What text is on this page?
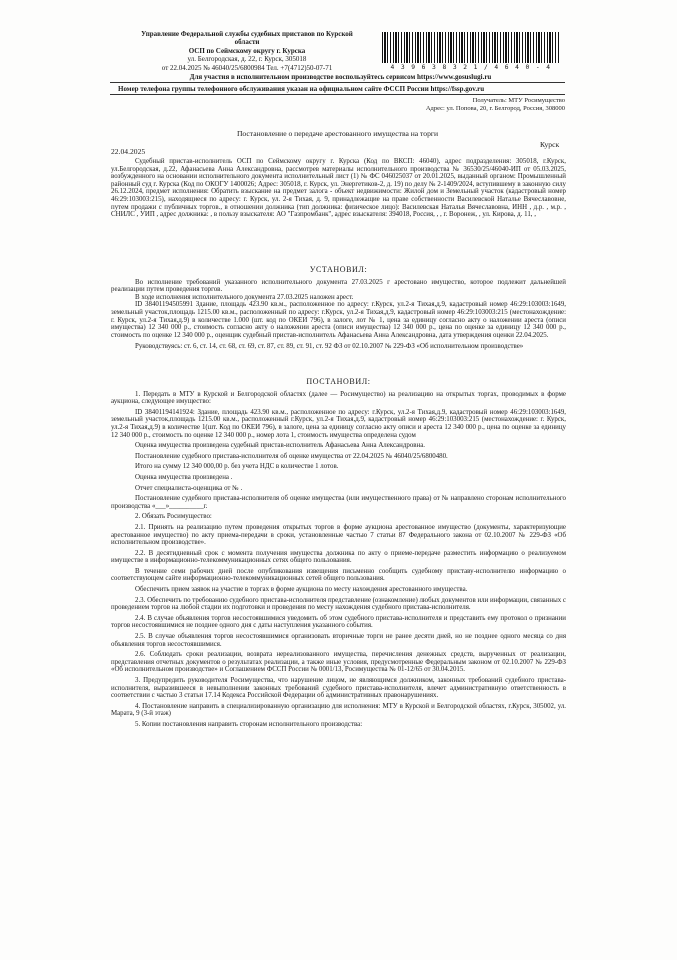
Управление Федеральной службы судебных приставов по Курской
области
ОСП по Сеймскому округу г. Курска
ул. Белгородская, д. 22, г. Курск, 305018
от 22.04.2025 № 46040/25/6800984 Тел. +7(4712)50-07-71	4 3 9 6 3 8 3 2 1 / 4 6 4 0 - 4
Для участия в исполнительном производстве воспользуйтесь сервисом https://www.gosuslugi.ru
Номер телефона группы телефонного обслуживания указан на официальном сайте ФССП России https://fssp.gov.ru
Получатель: МТУ Росимущество
Адрес: ул. Попова, 20, г. Белгород, Россия, 308000
Постановление о передаче арестованного имущества на торги
Курск
22.04.2025

Судебный пристав-исполнитель ОСП по Сеймскому округу г. Курска (Код по ВКСП: 46040), адрес подразделения: 305018, г.Курск, ул.Белгородская, д.22, Афанасьева Анна Александровна, рассмотрев материалы исполнительного производства № 36530/25/46040-ИП от 05.03.2025, возбужденного на основании исполнительного документа исполнительный лист (1) № ФС 046025037 от 20.01.2025, выданный органом: Промышленный районный суд г. Курска (Код по ОКОГУ 1400026; Адрес: 305018, г. Курск, ул. Энергетиков-2, д. 19) по делу № 2-1409/2024, вступившему в законную силу 26.12.2024, предмет исполнения: Обратить взыскание на предмет залога - объект недвижимости: Жилой дом и Земельный участок (кадастровый номер 46:29:103003:215), находящиеся по адресу: г. Курск, ул. 2-я Тихая, д. 9, принадлежащие на праве собственности Василевской Наталье Вячеславовне, путем продажи с публичных торгов., в отношении должника (тип должника: физическое лицо): Василевская Наталья Вячеславовна, ИНН , д.р. , м.р. , СНИЛС , УИП , адрес должника: , в пользу взыскателя: АО "Газпромбанк", адрес взыскателя: 394018, Россия, , , г. Воронеж, , ул. Кирова, д. 11, ,

УСТАНОВИЛ:

Во исполнение требований указанного исполнительного документа 27.03.2025 г арестовано имущество, которое подлежит дальнейшей реализации путем проведения торгов.

В ходе исполнения исполнительного документа 27.03.2025 наложен арест.

ID 38401194505991 Здание, площадь 423.90 кв.м., расположенное по адресу: г.Курск, ул.2-я Тихая,д.9, кадастровый номер 46:29:103003:1649, земельный участок,площадь 1215.00 кв.м., расположенный по адресу: г.Курск, ул.2-я Тихая,д.9, кадастровый номер 46:29:103003:215 (местонахождение: г. Курск, ул.2-я Тихая,д.9) в количестве 1.000 (шт. код по ОКЕИ 796), в залоге, лот № 1, цена за единицу согласно акту о наложении ареста (описи имущества) 12 340 000 р., стоимость согласно акту о наложении ареста (описи имущества) 12 340 000 р., цена по оценке за единицу 12 340 000 р., стоимость по оценке 12 340 000 р., оценщик судебный пристав-исполнитель Афанасьева Анна Александровна, дата утверждения оценки 22.04.2025.

Руководствуясь: ст. 6, ст. 14, ст. 68, ст. 69, ст. 87, ст. 89, ст. 91, ст. 92 ФЗ от 02.10.2007 № 229-ФЗ «Об исполнительном производстве»

ПОСТАНОВИЛ:

1. Передать в МТУ в Курской и Белгородской областях (далее — Росимущество) на реализацию на открытых торгах, проводимых в форме аукциона, следующее имущество:

ID 38401194141924: Здание, площадь 423.90 кв.м., расположенное по адресу: г.Курск, ул.2-я Тихая,д.9, кадастровый номер 46:29:103003:1649, земельный участок,площадь 1215.00 кв.м., расположенный г.Курск, ул.2-я Тихая,д.9, кадастровый номер 46:29:103003:215 (местонахождение: г. Курск, ул.2-я Тихая,д.9) в количестве 1(шт. Код по ОКЕИ 796), в залоге, цена за единицу согласно акту описи и ареста 12 340 000 р., цена по оценке за единицу 12 340 000 р., стоимость по оценке 12 340 000 р., номер лота 1, стоимость имущества определена судом

Оценка имущества произведена судебный пристав-исполнитель Афанасьева Анна Александровна.

Постановление судебного пристава-исполнителя об оценке имущества от 22.04.2025 № 46040/25/6800480.

Итого на сумму 12 340 000,00 р. без учета НДС в количестве 1 лотов.

Оценка имущества произведена .

Отчет специалиста-оценщика от № .

Постановление судебного пристава-исполнителя об оценке имущества (или имущественного права) от № направлено сторонам исполнительного производства «___»__________г.

2. Обязать Росимущество:

2.1. Принять на реализацию путем проведения открытых торгов в форме аукциона арестованное имущество (документы, характеризующие арестованное имущество) по акту приема-передачи в сроки, установленные частью 7 статьи 87 Федерального закона от 02.10.2007 № 229-ФЗ «Об исполнительном производстве».

2.2. В десятидневный срок с момента получения имущества должника по акту о приеме-передаче разместить информацию о реализуемом имуществе в информационно-телекоммуникационных сетях общего пользования.

В течение семи рабочих дней после опубликования извещения письменно сообщить судебному приставу-исполнителю информацию о соответствующем сайте информационно-телекоммуникационных сетей общего пользования.

Обеспечить прием заявок на участие в торгах в форме аукциона по месту нахождения арестованного имущества.

2.3. Обеспечить по требованию судебного пристава-исполнителя представление (ознакомление) любых документов или информации, связанных с проведением торгов на любой стадии их подготовки и проведения по месту нахождения судебного пристава-исполнителя.

2.4. В случае объявления торгов несостоявшимися уведомить об этом судебного пристава-исполнителя и представить ему протокол о признании торгов несостоявшимися не позднее одного дня с даты наступления указанного события.

2.5. В случае объявления торгов несостоявшимися организовать вторичные торги не ранее десяти дней, но не позднее одного месяца со дня объявления торгов несостоявшимися.

2.6. Соблюдать сроки реализации, возврата нереализованного имущества, перечисления денежных средств, вырученных от реализации, представления отчетных документов о результатах реализации, а также иные условия, предусмотренные Федеральным законом от 02.10.2007 № 229-ФЗ «Об исполнительном производстве» и Соглашением ФССП России № 0001/13, Росимущества № 01-12/65 от 30.04.2015.

3. Предупредить руководителя Росимущества, что нарушение лицом, не являющимся должником, законных требований судебного пристава-исполнителя, выразившееся в невыполнении законных требований судебного пристава-исполнителя, влечет административную ответственность в соответствии с частью 3 статьи 17.14 Кодекса Российской Федерации об административных правонарушениях.

4. Постановление направить в специализированную организацию для исполнения: МТУ в Курской и Белгородской областях, г.Курск, 305002, ул. Марата, 9 (3-й этаж)

5. Копии постановления направить сторонам исполнительного производства:
